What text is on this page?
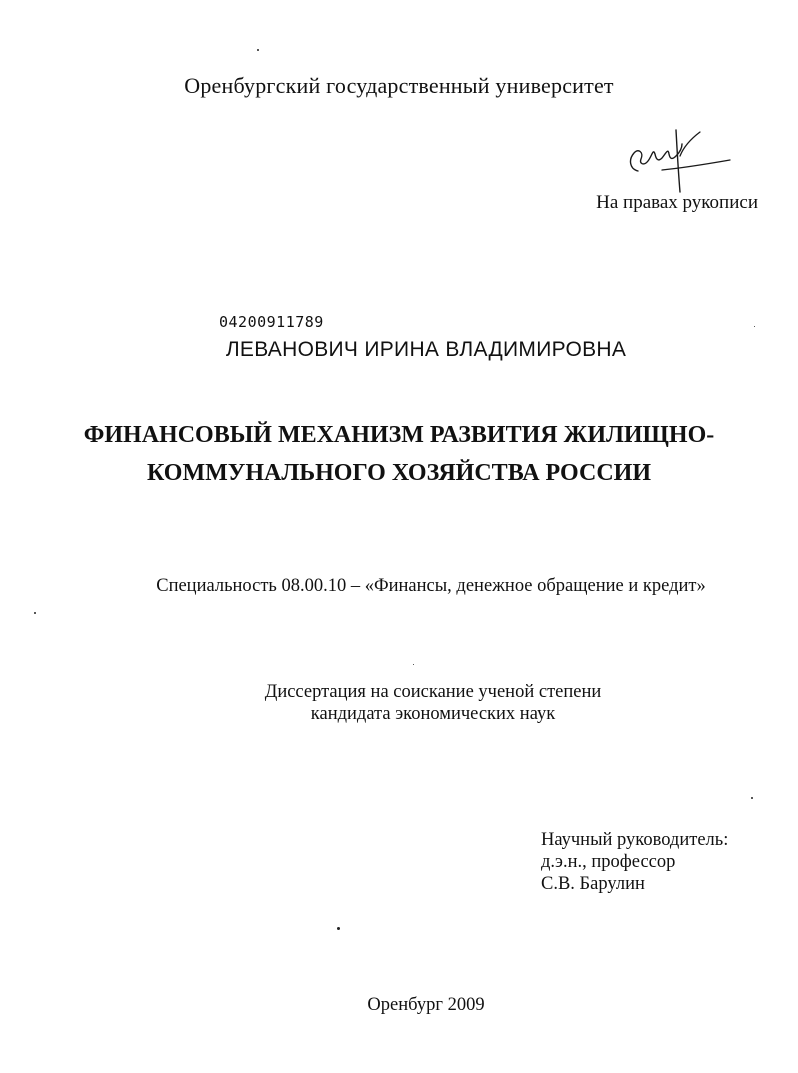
Оренбургский государственный университет
На правах рукописи
04200911789
ЛЕВАНОВИЧ ИРИНА ВЛАДИМИРОВНА
ФИНАНСОВЫЙ МЕХАНИЗМ РАЗВИТИЯ ЖИЛИЩНО-
КОММУНАЛЬНОГО ХОЗЯЙСТВА РОССИИ
Специальность 08.00.10 – «Финансы, денежное обращение и кредит»
Диссертация на соискание ученой степени
кандидата экономических наук
Научный руководитель:
д.э.н., профессор
С.В. Барулин
Оренбург 2009
